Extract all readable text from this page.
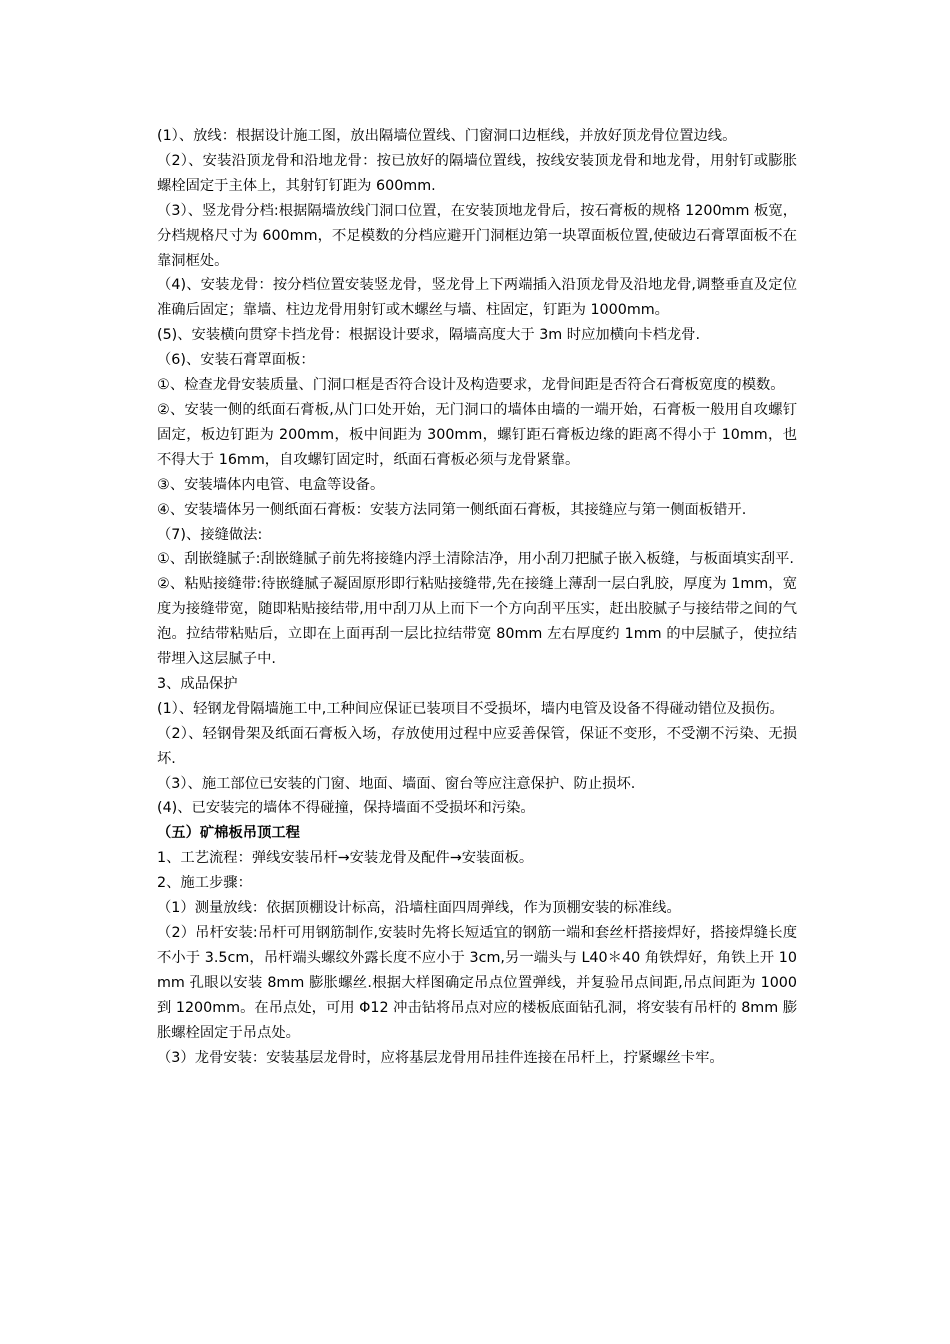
(1）、放线：根据设计施工图，放出隔墙位置线、门窗洞口边框线，并放好顶龙骨位置边线。

（2）、安装沿顶龙骨和沿地龙骨：按已放好的隔墙位置线，按线安装顶龙骨和地龙骨，用射钉或膨胀螺栓固定于主体上，其射钉钉距为 600mm.

（3）、竖龙骨分档:根据隔墙放线门洞口位置，在安装顶地龙骨后，按石膏板的规格 1200mm 板宽，分档规格尺寸为 600mm，不足模数的分档应避开门洞框边第一块罩面板位置,使破边石膏罩面板不在靠洞框处。

（4)、安装龙骨：按分档位置安装竖龙骨，竖龙骨上下两端插入沿顶龙骨及沿地龙骨,调整垂直及定位准确后固定；靠墙、柱边龙骨用射钉或木螺丝与墙、柱固定，钉距为 1000mm。

(5)、安装横向贯穿卡挡龙骨：根据设计要求，隔墙高度大于 3m 时应加横向卡档龙骨.

（6)、安装石膏罩面板：

①、检查龙骨安装质量、门洞口框是否符合设计及构造要求，龙骨间距是否符合石膏板宽度的模数。

②、安装一侧的纸面石膏板,从门口处开始，无门洞口的墙体由墙的一端开始，石膏板一般用自攻螺钉固定，板边钉距为 200mm，板中间距为 300mm，螺钉距石膏板边缘的距离不得小于 10mm，也不得大于 16mm，自攻螺钉固定时，纸面石膏板必须与龙骨紧靠。

③、安装墙体内电管、电盒等设备。

④、安装墙体另一侧纸面石膏板：安装方法同第一侧纸面石膏板，其接缝应与第一侧面板错开.

（7)、接缝做法:

①、刮嵌缝腻子:刮嵌缝腻子前先将接缝内浮土清除洁净，用小刮刀把腻子嵌入板缝，与板面填实刮平.

②、粘贴接缝带:待嵌缝腻子凝固原形即行粘贴接缝带,先在接缝上薄刮一层白乳胶，厚度为 1mm，宽度为接缝带宽，随即粘贴接结带,用中刮刀从上而下一个方向刮平压实，赶出胶腻子与接结带之间的气泡。拉结带粘贴后，立即在上面再刮一层比拉结带宽 80mm 左右厚度约 1mm 的中层腻子，使拉结带埋入这层腻子中.

3、成品保护

(1）、轻钢龙骨隔墙施工中,工种间应保证已装项目不受损坏，墙内电管及设备不得碰动错位及损伤。

（2）、轻钢骨架及纸面石膏板入场，存放使用过程中应妥善保管，保证不变形，不受潮不污染、无损坏.

（3）、施工部位已安装的门窗、地面、墙面、窗台等应注意保护、防止损坏.

(4)、已安装完的墙体不得碰撞，保持墙面不受损坏和污染。

（五）矿棉板吊顶工程

1、工艺流程：弹线安装吊杆→安装龙骨及配件→安装面板。

2、施工步骤：

（1）测量放线：依据顶棚设计标高，沿墙柱面四周弹线，作为顶棚安装的标准线。

（2）吊杆安装:吊杆可用钢筋制作,安装时先将长短适宜的钢筋一端和套丝杆搭接焊好，搭接焊缝长度不小于 3.5cm，吊杆端头螺纹外露长度不应小于 3cm,另一端头与 L40＊40 角铁焊好，角铁上开 10mm 孔眼以安装 8mm 膨胀螺丝.根据大样图确定吊点位置弹线，并复验吊点间距,吊点间距为 1000 到 1200mm。在吊点处，可用 Φ12 冲击钻将吊点对应的楼板底面钻孔洞，将安装有吊杆的 8mm 膨胀螺栓固定于吊点处。

（3）龙骨安装：安装基层龙骨时，应将基层龙骨用吊挂件连接在吊杆上，拧紧螺丝卡牢。
